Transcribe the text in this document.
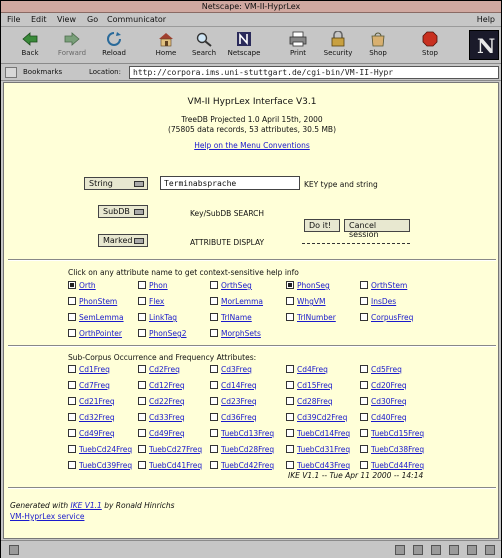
Netscape: VM-II-HyprLex
File Edit View Go Communicator	Help
Back	Forward	Reload	Home	Search	Netscape	Print	Security	Shop	Stop	N
Bookmarks	Location:	http://corpora.ims.uni-stuttgart.de/cgi-bin/VM-II-Hypr
VM-II HyprLex Interface V3.1
TreeDB Projected 1.0 April 15th, 2000
(75805 data records, 53 attributes, 30.5 MB)
Help on the Menu Conventions
String	Terminabsprache	KEY type and string
SubDB	Key/SubDB SEARCH
Do it!	Cancel session
Marked	ATTRIBUTE DISPLAY
Click on any attribute name to get context-sensitive help info
Orth	Phon	OrthSeg	PhonSeg	OrthStem
PhonStem	Flex	MorLemma	WhgVM	InsDes
SemLemma	LinkTag	TrlName	TrlNumber	CorpusFreq
OrthPointer	PhonSeg2	MorphSets
Sub-Corpus Occurrence and Frequency Attributes:
Cd1Freq	Cd2Freq	Cd3Freq	Cd4Freq	Cd5Freq
Cd7Freq	Cd12Freq	Cd14Freq	Cd15Freq	Cd20Freq
Cd21Freq	Cd22Freq	Cd23Freq	Cd28Freq	Cd30Freq
Cd32Freq	Cd33Freq	Cd36Freq	Cd39Cd2Freq	Cd40Freq
Cd49Freq	Cd49Freq	TuebCd13Freq	TuebCd14Freq	TuebCd15Freq
TuebCd24Freq	TuebCd27Freq	TuebCd28Freq	TuebCd31Freq	TuebCd38Freq
TuebCd39Freq	TuebCd41Freq	TuebCd42Freq	TuebCd43Freq	TuebCd44Freq
IKE V1.1 -- Tue Apr 11 2000 -- 14:14
Generated with IKE V1.1 by Ronald Hinrichs
VM-HyprLex service
